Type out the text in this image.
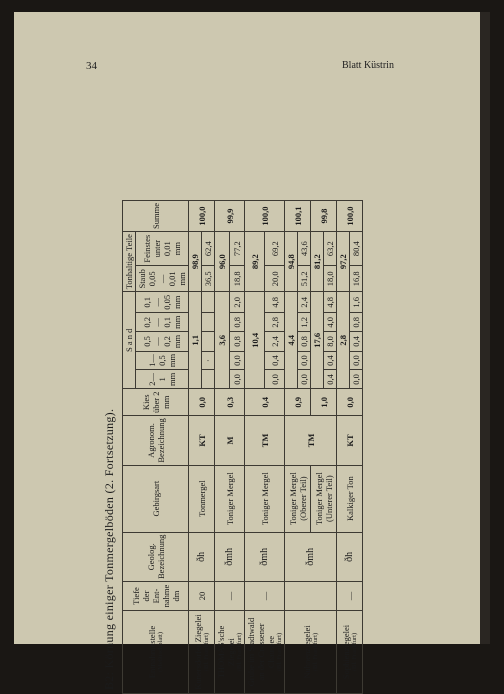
34	Blatt Küstrin
B2: Körnung einiger Tonmergelböden (2. Fortsetzung).	Entnahmestelle (Meßtischblatt)	Tiefe der Ent- nahme dm	Geolog. Bezeichnung	Gebirgsart	Agronom. Bezeichnung	Kies über 2 mm	S a n d					Tonhaltige Teile		Summe
						2—1 mm	1—0,5 mm	0,5— 0,2 mm	0,2— 0,1 mm	0,1— 0,05 mm	Staub 0,05— 0,01 mm	Feinstes unter 0,01 mm	
Kunersdorfer Ziegelei (Bl. Frankfurt)	20	ðh	Tonmergel	KT	0,0	1,1					98,9		100,0
							·				36,5	62,4	
THOMAS'sche Ziegelei (Bl. Frankfurt)	—	ðmh	Toniger Mergel	M	0,3	3,6					96,0		99,9
						0,0	0,0	0,8	0,8	2,0	18,8	77,2	
Grube im Stadtwald an der Crossener Chaussee (Bl. Frankfurt)	—	ðmh	Toniger Mergel	TM	0,4	10,4					89,2		100,0
						0,0	0,4	2,4	2,8	4,8	20,0	69,2	
Nuhnenziegelei (Bl. Frankfurt)		ðmh	Toniger Mergel (Oberer Teil)	TM	0,9	4,4					94,8		100,1
						0,0	0,0	0,8	1,2	2,4	51,2	43,6	
			Toniger Mergel (Unterer Teil)		1,0	17,6					81,2		99,8
						0,4	0,4	8,0	4,0	4,8	18,0	63,2	
Sophienziegelei (Bl. Frankfurt)	—	ðh	Kalkiger Ton	KT	0,0	2,8					97,2		100,0
						0,0	0,0	0,4	0,8	1,6	16,8	80,4	
